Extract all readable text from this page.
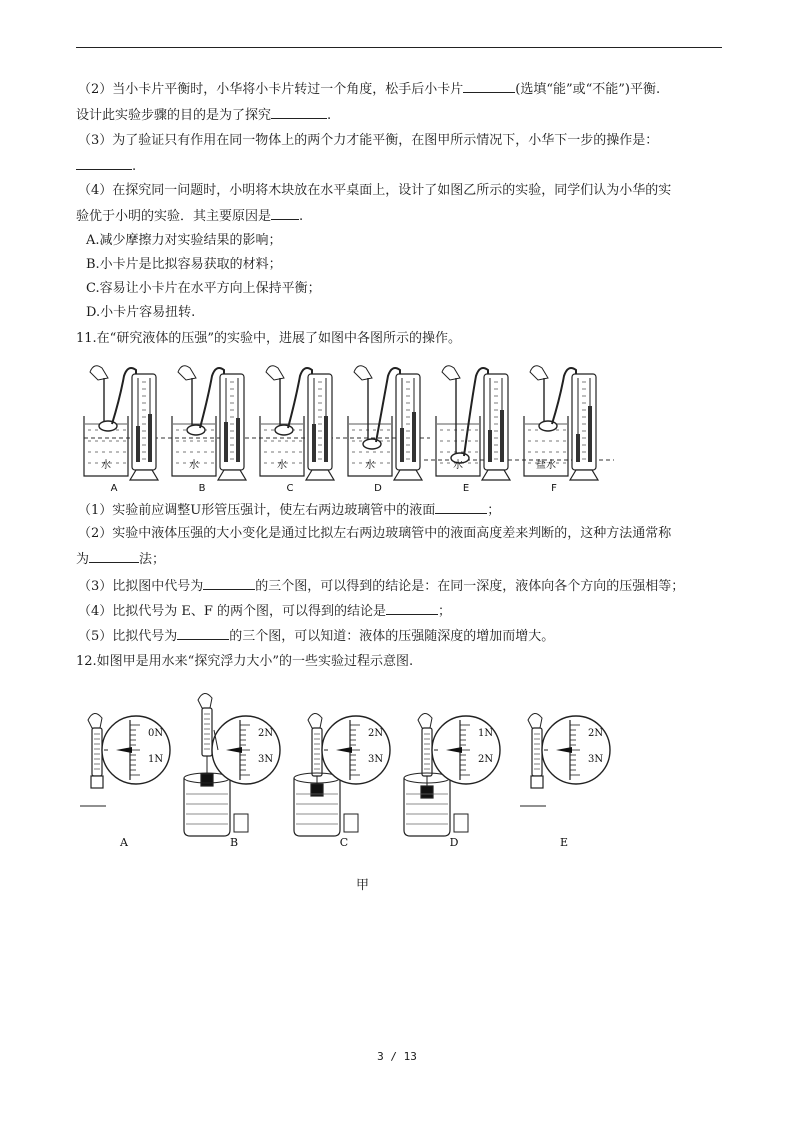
（2）当小卡片平衡时，小华将小卡片转过一个角度，松手后小卡片	(选填“能”或“不能”)平衡.
设计此实验步骤的目的是为了探究	.
（3）为了验证只有作用在同一物体上的两个力才能平衡，在图甲所示情况下，小华下一步的操作是：
.
（4）在探究同一问题时，小明将木块放在水平桌面上，设计了如图乙所示的实验，同学们认为小华的实
验优于小明的实验．其主要原因是 .
A.减少摩擦力对实验结果的影响；
B.小卡片是比拟容易获取的材料；
C.容易让小卡片在水平方向上保持平衡；
D.小卡片容易扭转.
11.在“研究液体的压强”的实验中，进展了如图中各图所示的操作。
水
A
水
B
水
C
水
D
水
E
盐水
F
（1）实验前应调整U形管压强计，使左右两边玻璃管中的液面	；
（2）实验中液体压强的大小变化是通过比拟左右两边玻璃管中的液面高度差来判断的，这种方法通常称
为	法；
（3）比拟图中代号为	的三个图，可以得到的结论是：在同一深度，液体向各个方向的压强相等；
（4）比拟代号为 E、F 的两个图，可以得到的结论是	；
（5）比拟代号为	的三个图，可以知道：液体的压强随深度的增加而增大。
12.如图甲是用水来“探究浮力大小”的一些实验过程示意图.
0N
1N
A
2N
3N
B
2N
3N
C
1N
2N
D
2N
3N
E
甲
3 / 13
